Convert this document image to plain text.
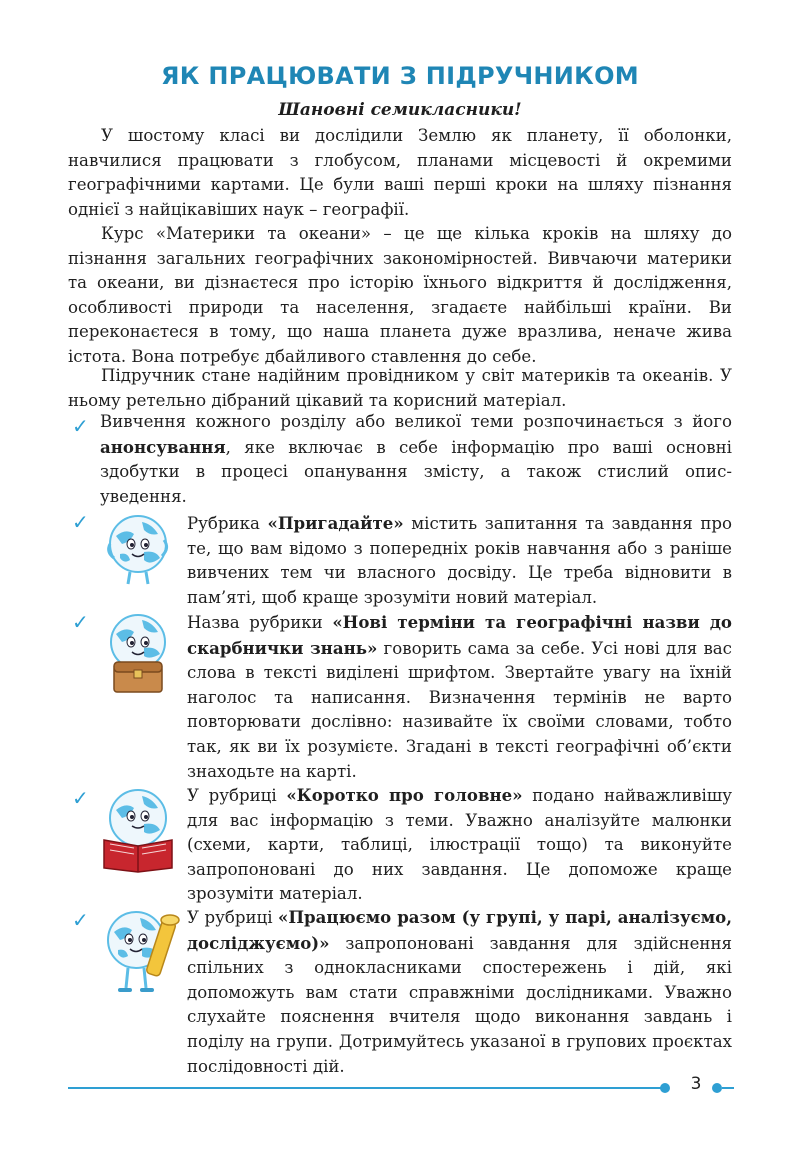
ЯК ПРАЦЮВАТИ З ПІДРУЧНИКОМ
Шановні семикласники!
У шостому класі ви дослідили Землю як планету, її оболонки, навчилися працювати з глобусом, планами місцевості й окремими географічними картами. Це були ваші перші кроки на шляху пізнання однієї з найцікавіших наук – географії.
Курс «Материки та океани» – це ще кілька кроків на шляху до пізнання загальних географічних закономірностей. Вивчаючи материки та океани, ви дізнаєтеся про історію їхнього відкриття й дослідження, особливості природи та населення, згадаєте найбільші країни. Ви переконаєтеся в тому, що наша планета дуже вразлива, неначе жива істота. Вона потребує дбайливого ставлення до себе.
Підручник стане надійним провідником у світ материків та океанів. У ньому ретельно дібраний цікавий та корисний матеріал.
✓ Вивчення кожного розділу або великої теми розпочинається з його анонсування, яке включає в себе інформацію про ваші основні здобутки в процесі опанування змісту, а також стислий опис-уведення.
✓	Рубрика «Пригадайте» містить запитання та завдання про те, що вам відомо з попередніх років навчання або з раніше вивчених тем чи власного досвіду. Це треба відновити в пам’яті, щоб краще зрозуміти новий матеріал.
✓	Назва рубрики «Нові терміни та географічні назви до скарбнички знань» говорить сама за себе. Усі нові для вас слова в тексті виділені шрифтом. Звертайте увагу на їхній наголос та написання. Визначення термінів не варто повторювати дослівно: називайте їх своїми словами, тобто так, як ви їх розумієте. Згадані в тексті географічні об’єкти знаходьте на карті.
✓	У рубриці «Коротко про головне» подано найважливішу для вас інформацію з теми. Уважно аналізуйте малюнки (схеми, карти, таблиці, ілюстрації тощо) та виконуйте запропоновані до них завдання. Це допоможе краще зрозуміти матеріал.
✓	У рубриці «Працюємо разом (у групі, у парі, аналізуємо, досліджуємо)» запропоновані завдання для здійснення спільних з однокласниками спостережень і дій, які допоможуть вам стати справжніми дослідниками. Уважно слухайте пояснення вчителя щодо виконання завдань і поділу на групи. Дотримуйтесь указаної в групових проєктах послідовності дій.
3
